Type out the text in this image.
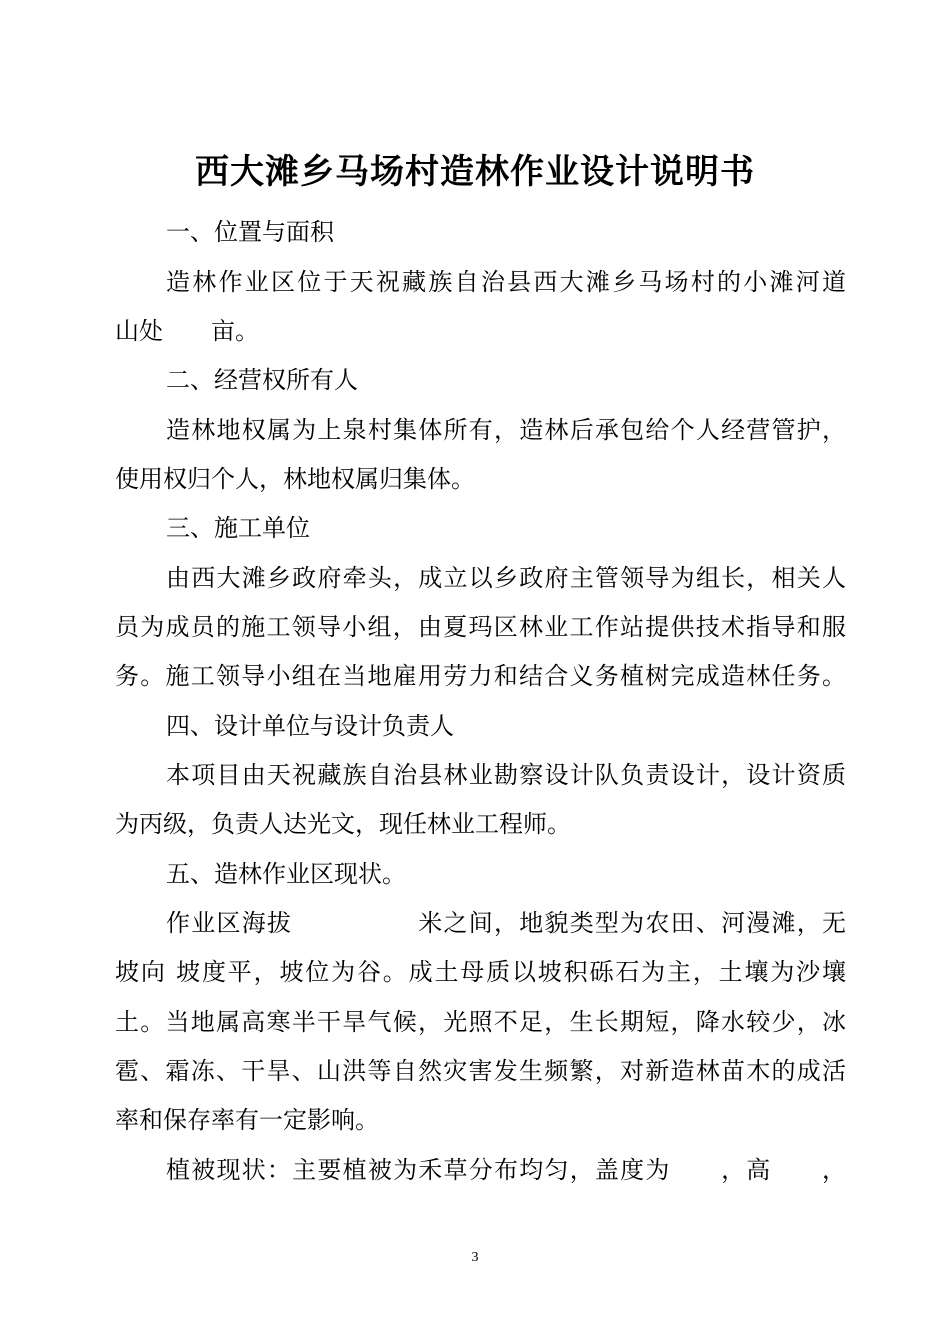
西大滩乡马场村造林作业设计说明书
一、位置与面积
造林作业区位于天祝藏族自治县西大滩乡马场村的小滩河道
山处　　亩。
二、经营权所有人
造林地权属为上泉村集体所有，造林后承包给个人经营管护，
使用权归个人，林地权属归集体。
三、施工单位
由西大滩乡政府牵头，成立以乡政府主管领导为组长，相关人
员为成员的施工领导小组，由夏玛区林业工作站提供技术指导和服
务。施工领导小组在当地雇用劳力和结合义务植树完成造林任务。
四、设计单位与设计负责人
本项目由天祝藏族自治县林业勘察设计队负责设计，设计资质
为丙级，负责人达光文，现任林业工程师。
五、造林作业区现状。
作业区海拔　　　　　米之间，地貌类型为农田、河漫滩，无
坡向 坡度平，坡位为谷。成土母质以坡积砾石为主，土壤为沙壤
土。当地属高寒半干旱气候，光照不足，生长期短，降水较少，冰
雹、霜冻、干旱、山洪等自然灾害发生频繁，对新造林苗木的成活
率和保存率有一定影响。
植被现状：主要植被为禾草分布均匀，盖度为　　，高　　，
3
